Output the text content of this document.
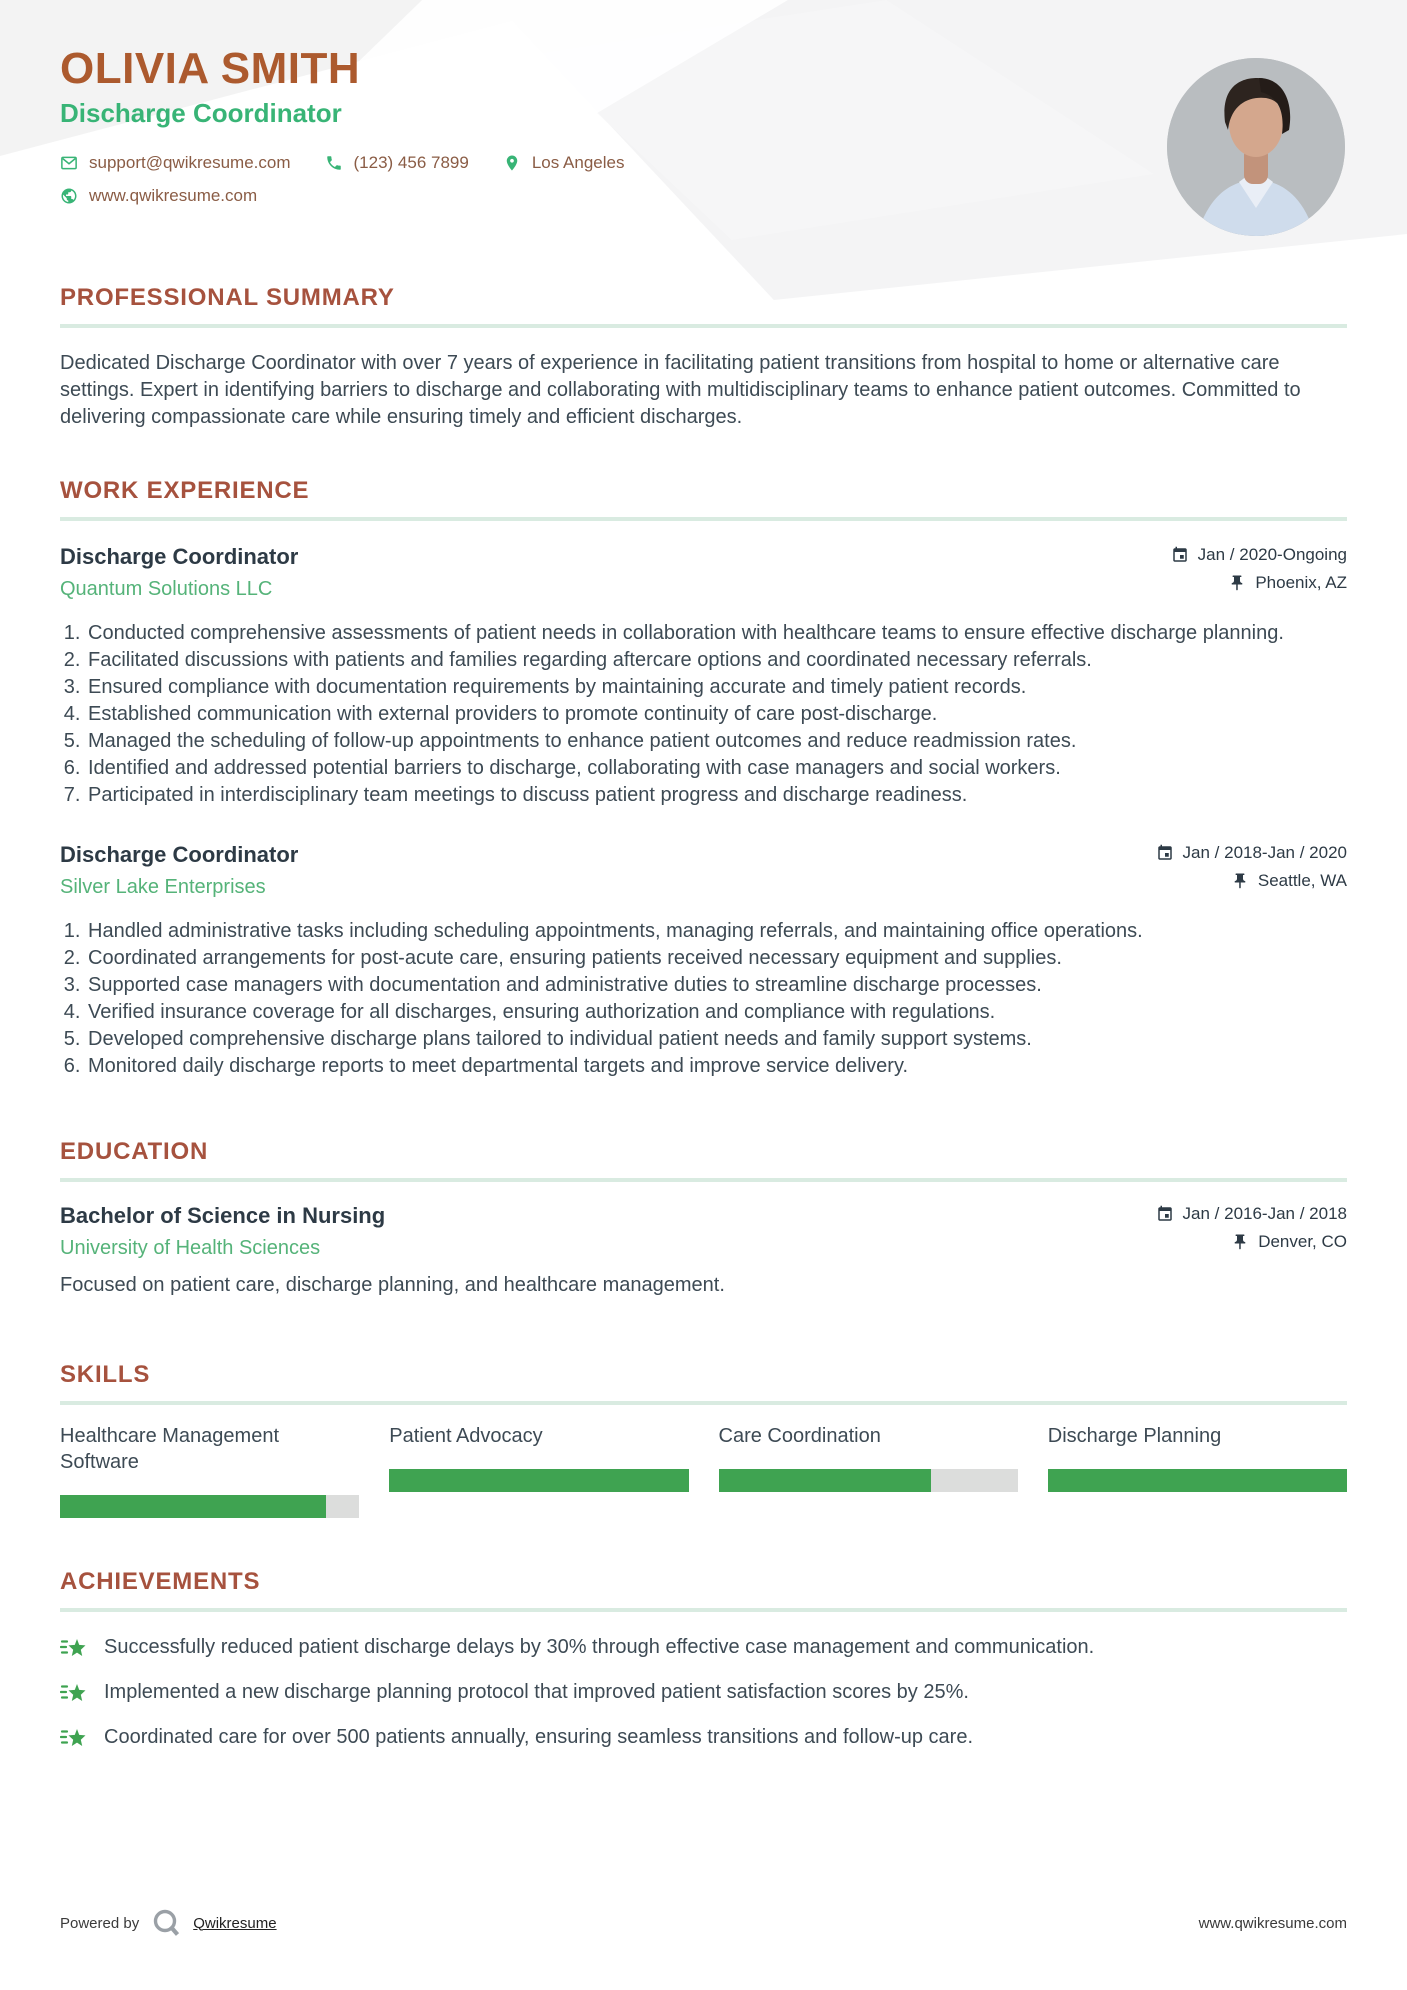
OLIVIA SMITH
Discharge Coordinator
support@qwikresume.com	(123) 456 7899	Los Angeles
www.qwikresume.com
PROFESSIONAL SUMMARY

Dedicated Discharge Coordinator with over 7 years of experience in facilitating patient transitions from hospital to home or alternative care settings. Expert in identifying barriers to discharge and collaborating with multidisciplinary teams to enhance patient outcomes. Committed to delivering compassionate care while ensuring timely and efficient discharges.

WORK EXPERIENCE
Discharge Coordinator
Quantum Solutions LLC
Jan / 2020-Ongoing
Phoenix, AZ
1. Conducted comprehensive assessments of patient needs in collaboration with healthcare teams to ensure effective discharge planning.
2. Facilitated discussions with patients and families regarding aftercare options and coordinated necessary referrals.
3. Ensured compliance with documentation requirements by maintaining accurate and timely patient records.
4. Established communication with external providers to promote continuity of care post-discharge.
5. Managed the scheduling of follow-up appointments to enhance patient outcomes and reduce readmission rates.
6. Identified and addressed potential barriers to discharge, collaborating with case managers and social workers.
7. Participated in interdisciplinary team meetings to discuss patient progress and discharge readiness.
Discharge Coordinator
Silver Lake Enterprises
Jan / 2018-Jan / 2020
Seattle, WA
1. Handled administrative tasks including scheduling appointments, managing referrals, and maintaining office operations.
2. Coordinated arrangements for post-acute care, ensuring patients received necessary equipment and supplies.
3. Supported case managers with documentation and administrative duties to streamline discharge processes.
4. Verified insurance coverage for all discharges, ensuring authorization and compliance with regulations.
5. Developed comprehensive discharge plans tailored to individual patient needs and family support systems.
6. Monitored daily discharge reports to meet departmental targets and improve service delivery.
EDUCATION
Bachelor of Science in Nursing
University of Health Sciences
Jan / 2016-Jan / 2018
Denver, CO
Focused on patient care, discharge planning, and healthcare management.
SKILLS
Healthcare Management Software
Patient Advocacy	Care Coordination	Discharge Planning
ACHIEVEMENTS
Successfully reduced patient discharge delays by 30% through effective case management and communication.
Implemented a new discharge planning protocol that improved patient satisfaction scores by 25%.
Coordinated care for over 500 patients annually, ensuring seamless transitions and follow-up care.
Powered by	Qwikresume	www.qwikresume.com
